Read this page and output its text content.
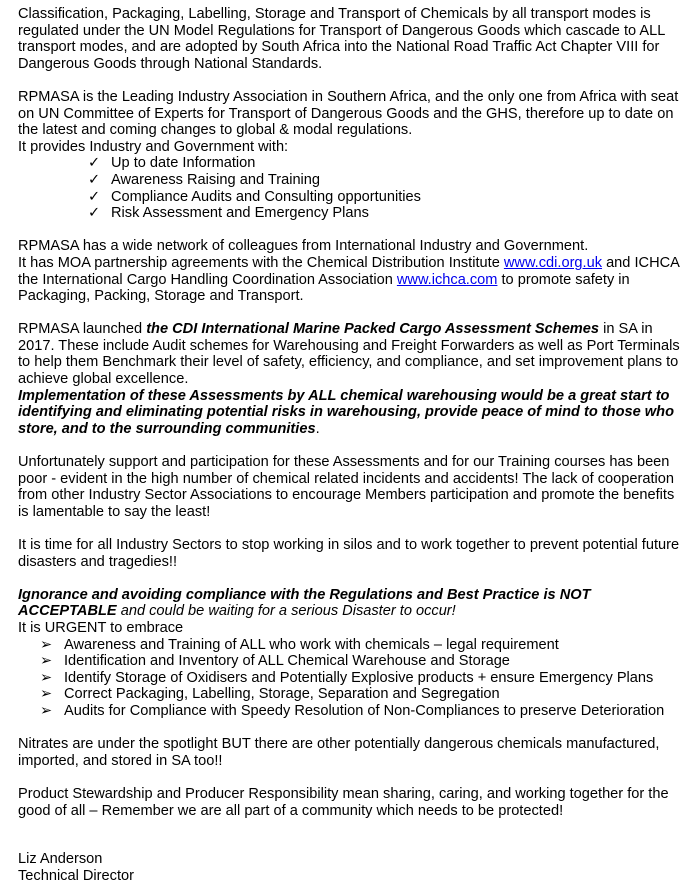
Classification, Packaging, Labelling, Storage and Transport of Chemicals by all transport modes is regulated under the UN Model Regulations for Transport of Dangerous Goods which cascade to ALL transport modes, and are adopted by South Africa into the National Road Traffic Act Chapter VIII for Dangerous Goods through National Standards.

RPMASA is the Leading Industry Association in Southern Africa, and the only one from Africa with seat on UN Committee of Experts for Transport of Dangerous Goods and the GHS, therefore up to date on the latest and coming changes to global & modal regulations.

It provides Industry and Government with:

✓ Up to date Information
✓ Awareness Raising and Training
✓ Compliance Audits and Consulting opportunities
✓ Risk Assessment and Emergency Plans

RPMASA has a wide network of colleagues from International Industry and Government.

It has MOA partnership agreements with the Chemical Distribution Institute www.cdi.org.uk and ICHCA the International Cargo Handling Coordination Association www.ichca.com to promote safety in Packaging, Packing, Storage and Transport.

RPMASA launched the CDI International Marine Packed Cargo Assessment Schemes in SA in 2017. These include Audit schemes for Warehousing and Freight Forwarders as well as Port Terminals to help them Benchmark their level of safety, efficiency, and compliance, and set improvement plans to achieve global excellence.

Implementation of these Assessments by ALL chemical warehousing would be a great start to identifying and eliminating potential risks in warehousing, provide peace of mind to those who store, and to the surrounding communities.

Unfortunately support and participation for these Assessments and for our Training courses has been poor - evident in the high number of chemical related incidents and accidents! The lack of cooperation from other Industry Sector Associations to encourage Members participation and promote the benefits is lamentable to say the least!

It is time for all Industry Sectors to stop working in silos and to work together to prevent potential future disasters and tragedies!!

Ignorance and avoiding compliance with the Regulations and Best Practice is NOT ACCEPTABLE and could be waiting for a serious Disaster to occur!

It is URGENT to embrace

➢ Awareness and Training of ALL who work with chemicals – legal requirement
➢ Identification and Inventory of ALL Chemical Warehouse and Storage
➢ Identify Storage of Oxidisers and Potentially Explosive products + ensure Emergency Plans
➢ Correct Packaging, Labelling, Storage, Separation and Segregation
➢ Audits for Compliance with Speedy Resolution of Non-Compliances to preserve Deterioration

Nitrates are under the spotlight BUT there are other potentially dangerous chemicals manufactured, imported, and stored in SA too!!

Product Stewardship and Producer Responsibility mean sharing, caring, and working together for the good of all – Remember we are all part of a community which needs to be protected!

Liz Anderson

Technical Director
